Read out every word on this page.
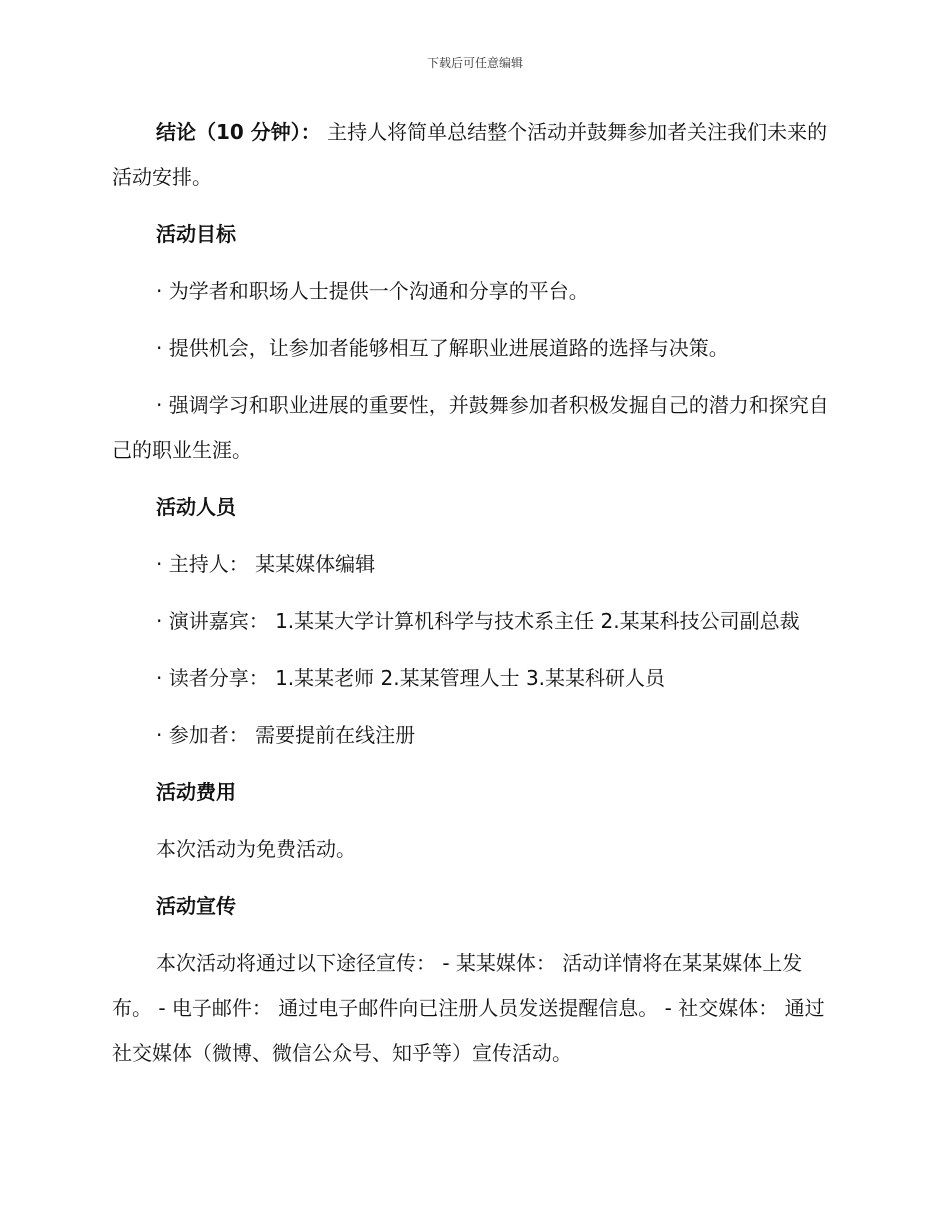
下载后可任意编辑

结论（10 分钟）： 主持人将简单总结整个活动并鼓舞参加者关注我们未来的活动安排。

活动目标

· 为学者和职场人士提供一个沟通和分享的平台。

· 提供机会，让参加者能够相互了解职业进展道路的选择与决策。

· 强调学习和职业进展的重要性，并鼓舞参加者积极发掘自己的潜力和探究自己的职业生涯。

活动人员

· 主持人： 某某媒体编辑

· 演讲嘉宾： 1.某某大学计算机科学与技术系主任 2.某某科技公司副总裁

· 读者分享： 1.某某老师 2.某某管理人士 3.某某科研人员

· 参加者： 需要提前在线注册

活动费用

本次活动为免费活动。

活动宣传

本次活动将通过以下途径宣传： - 某某媒体： 活动详情将在某某媒体上发布。 - 电子邮件： 通过电子邮件向已注册人员发送提醒信息。 - 社交媒体： 通过社交媒体（微博、微信公众号、知乎等）宣传活动。
